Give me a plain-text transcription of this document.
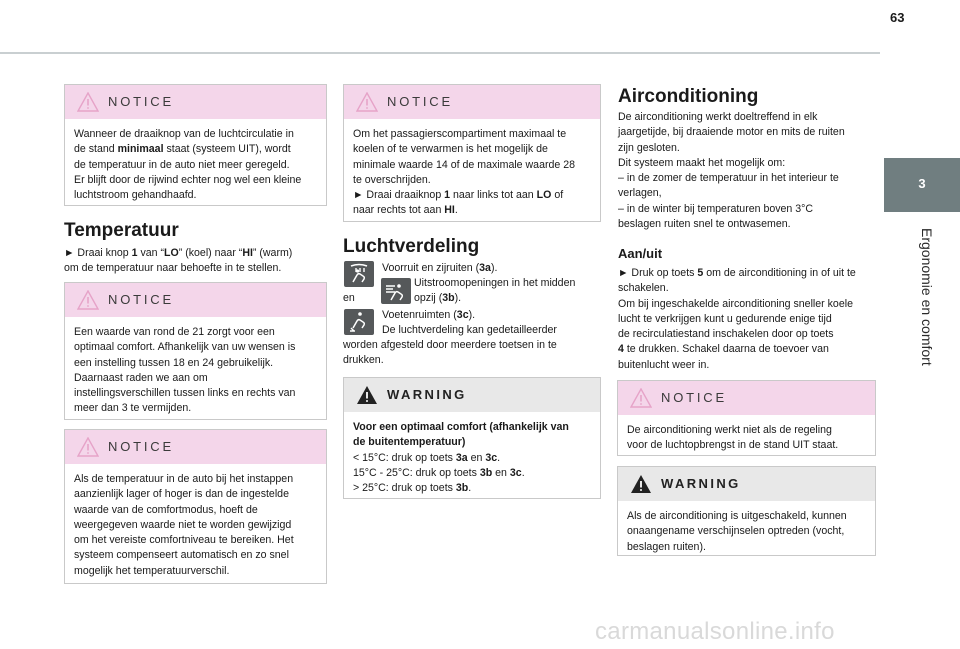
63
3
Ergonomie en comfort
NOTICE
Wanneer de draaiknop van de luchtcirculatie in
de stand minimaal staat (systeem UIT), wordt
de temperatuur in de auto niet meer geregeld.
Er blijft door de rijwind echter nog wel een kleine
luchtstroom gehandhaafd.
Temperatuur
► Draai knop 1 van “LO” (koel) naar “HI” (warm)
om de temperatuur naar behoefte in te stellen.
NOTICE
Een waarde van rond de 21 zorgt voor een
optimaal comfort. Afhankelijk van uw wensen is
een instelling tussen 18 en 24 gebruikelijk.
Daarnaast raden we aan om
instellingsverschillen tussen links en rechts van
meer dan 3 te vermijden.
NOTICE
Als de temperatuur in de auto bij het instappen
aanzienlijk lager of hoger is dan de ingestelde
waarde van de comfortmodus, hoeft de
weergegeven waarde niet te worden gewijzigd
om het vereiste comfortniveau te bereiken. Het
systeem compenseert automatisch en zo snel
mogelijk het temperatuurverschil.
NOTICE
Om het passagierscompartiment maximaal te
koelen of te verwarmen is het mogelijk de
minimale waarde 14 of de maximale waarde 28
te overschrijden.
► Draai draaiknop 1 naar links tot aan LO of
naar rechts tot aan HI.
Luchtverdeling
Voorruit en zijruiten (3a).
Uitstroomopeningen in het midden
opzij (3b).
en
Voetenruimten (3c).
De luchtverdeling kan gedetailleerder
worden afgesteld door meerdere toetsen in te
drukken.
WARNING
Voor een optimaal comfort (afhankelijk van
de buitentemperatuur)
< 15°C: druk op toets 3a en 3c.
15°C - 25°C: druk op toets 3b en 3c.
> 25°C: druk op toets 3b.
Airconditioning
De airconditioning werkt doeltreffend in elk
jaargetijde, bij draaiende motor en mits de ruiten
zijn gesloten.
Dit systeem maakt het mogelijk om:
– in de zomer de temperatuur in het interieur te
verlagen,
– in de winter bij temperaturen boven 3°C
beslagen ruiten snel te ontwasemen.
Aan/uit
► Druk op toets 5 om de airconditioning in of uit te
schakelen.
Om bij ingeschakelde airconditioning sneller koele
lucht te verkrijgen kunt u gedurende enige tijd
de recirculatiestand inschakelen door op toets
4 te drukken. Schakel daarna de toevoer van
buitenlucht weer in.
NOTICE
De airconditioning werkt niet als de regeling
voor de luchtopbrengst in de stand UIT staat.
WARNING
Als de airconditioning is uitgeschakeld, kunnen
onaangename verschijnselen optreden (vocht,
beslagen ruiten).
carmanualsonline.info
